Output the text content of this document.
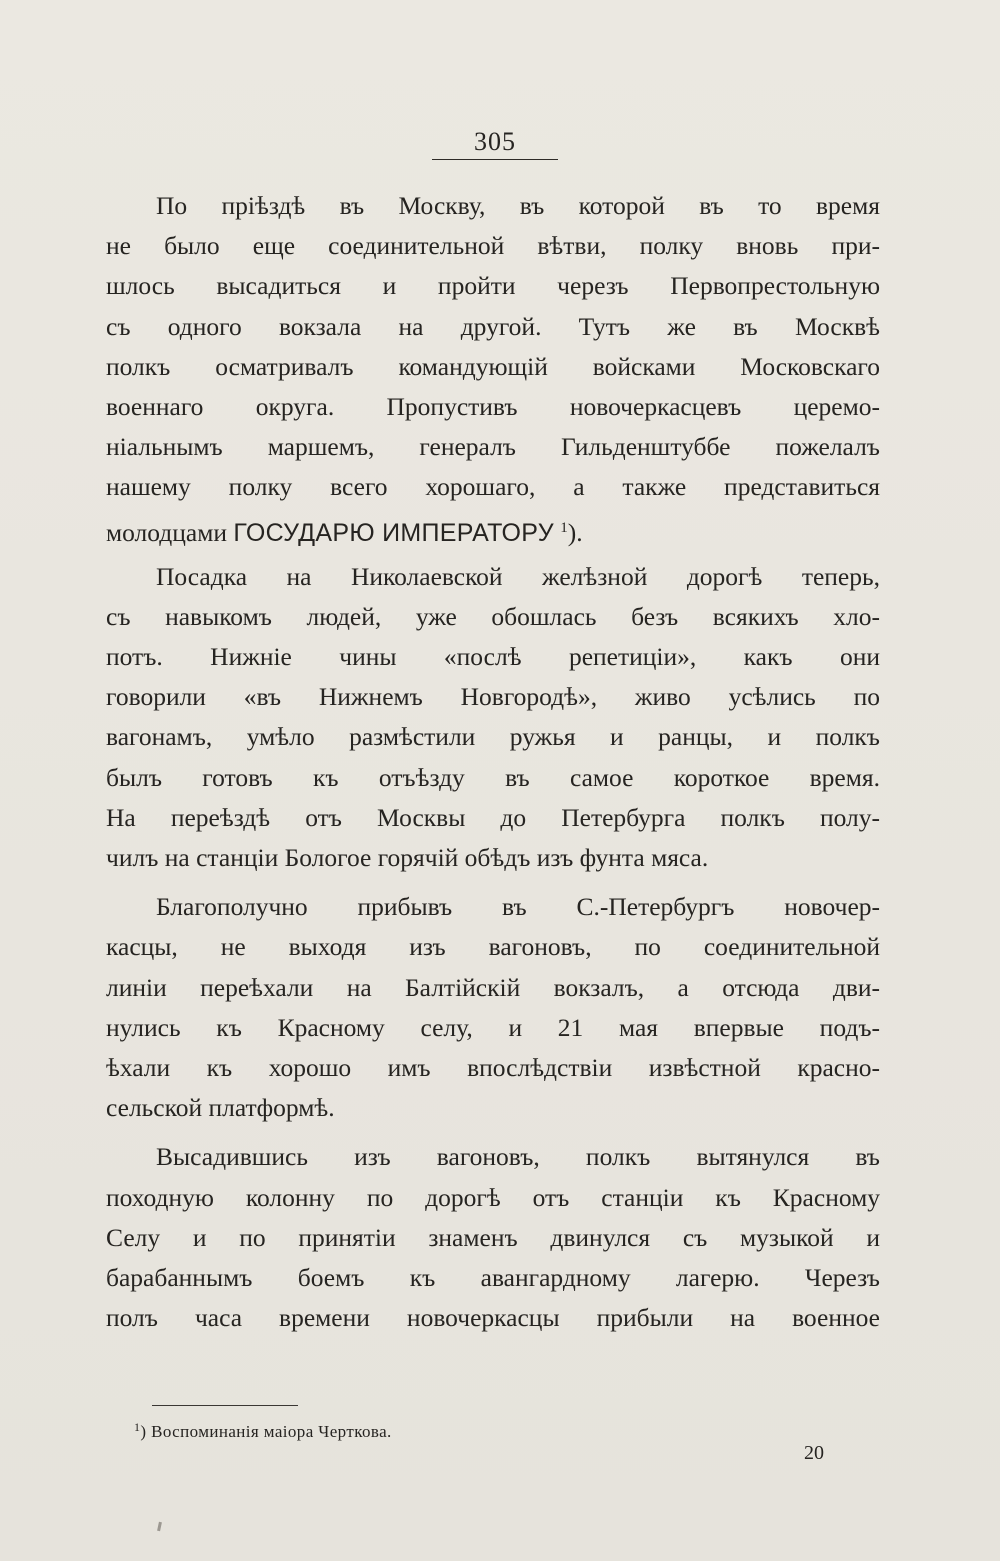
305
По пріѣздѣ въ Москву, въ которой въ то время
не было еще соединительной вѣтви, полку вновь при-
шлось высадиться и пройти черезъ Первопрестольную
съ одного вокзала на другой. Тутъ же въ Москвѣ
полкъ осматривалъ командующій войсками Московскаго
военнаго округа. Пропустивъ новочеркасцевъ церемо-
ніальнымъ маршемъ, генералъ Гильденштуббе пожелалъ
нашему полку всего хорошаго, а также представиться
молодцами ГОСУДАРЮ ИМПЕРАТОРУ $^1$).
Посадка на Николаевской желѣзной дорогѣ теперь,
съ навыкомъ людей, уже обошлась безъ всякихъ хло-
потъ. Нижніе чины «послѣ репетиціи», какъ они
говорили «въ Нижнемъ Новгородѣ», живо усѣлись по
вагонамъ, умѣло размѣстили ружья и ранцы, и полкъ
былъ готовъ къ отъѣзду въ самое короткое время.
На переѣздѣ отъ Москвы до Петербурга полкъ полу-
чилъ на станціи Бологое горячій обѣдъ изъ фунта мяса.
Благополучно прибывъ въ С.-Петербургъ новочер-
касцы, не выходя изъ вагоновъ, по соединительной
линіи переѣхали на Балтійскій вокзалъ, а отсюда дви-
нулись къ Красному селу, и 21 мая впервые подъ-
ѣхали къ хорошо имъ впослѣдствіи извѣстной красно-
сельской платформѣ.
Высадившись изъ вагоновъ, полкъ вытянулся въ
походную колонну по дорогѣ отъ станціи къ Красному
Селу и по принятіи знаменъ двинулся съ музыкой и
барабаннымъ боемъ къ авангардному лагерю. Черезъ
полъ часа времени новочеркасцы прибыли на военное
$^1$) Воспоминанія маіора Черткова.
20
